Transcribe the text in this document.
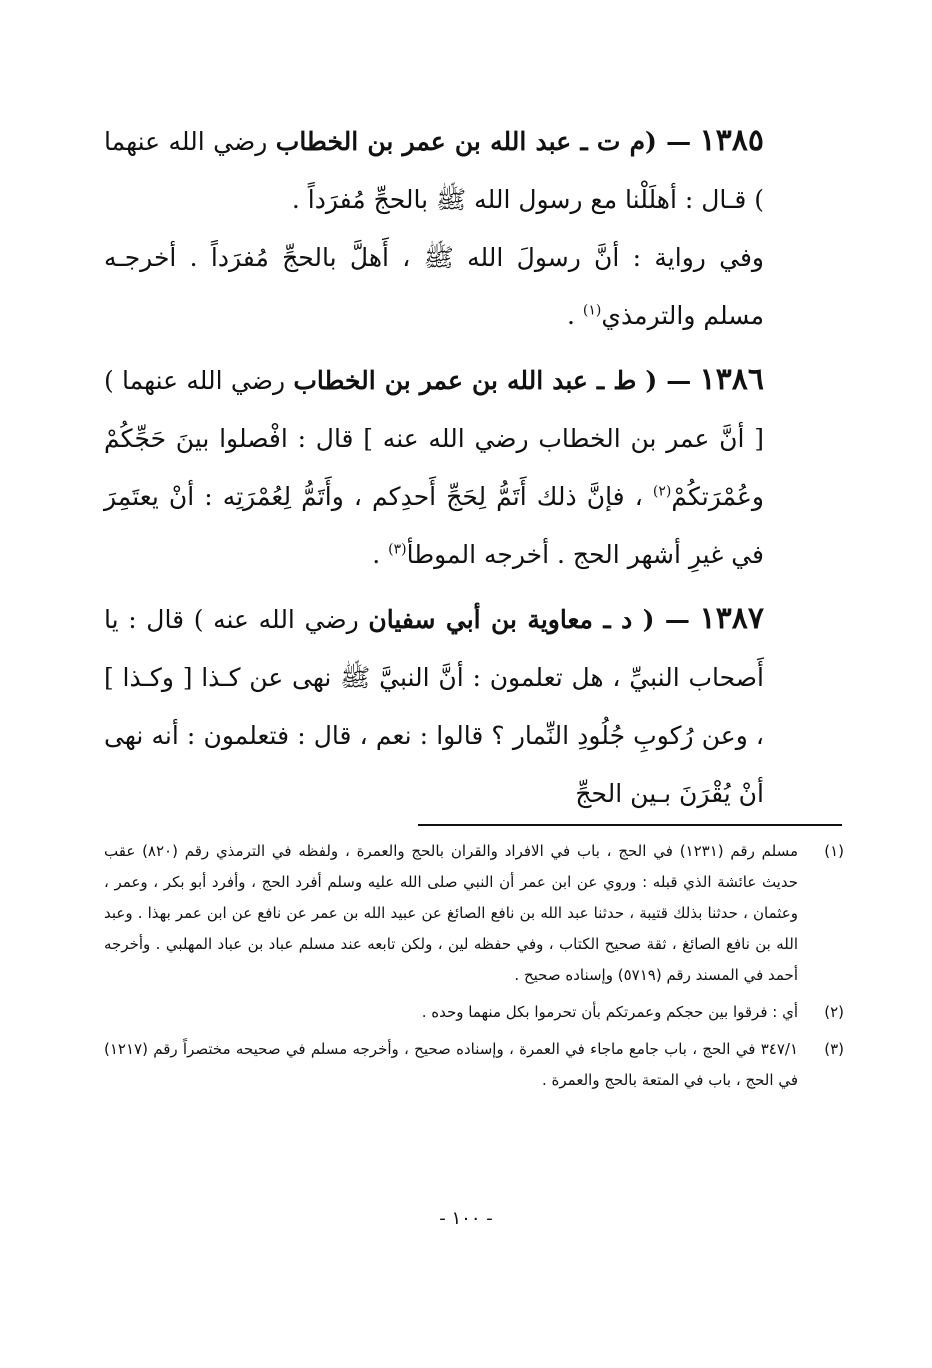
١٣٨٥ — (م ت ـ عبد الله بن عمر بن الخطاب رضي الله عنهما ) قـال : أهلَلْنا مع رسول الله ﷺ بالحجِّ مُفرَداً .

وفي رواية : أنَّ رسولَ الله ﷺ ، أَهلَّ بالحجِّ مُفرَداً . أخرجـه مسلم والترمذي$^{(١)}$ .

١٣٨٦ — ( ط ـ عبد الله بن عمر بن الخطاب رضي الله عنهما ) [ أنَّ عمر بن الخطاب رضي الله عنه ] قال : افْصلوا بينَ حَجِّكُمْ وعُمْرَتكُمْ$^{(٢)}$ ، فإنَّ ذلك أَتَمُّ لِحَجِّ أَحدِكم ، وأَتَمُّ لِعُمْرَتِه : أنْ يعتَمِرَ في غيرِ أشهر الحج . أخرجه الموطأ$^{(٣)}$ .

١٣٨٧ — ( د ـ معاوية بن أبي سفيان رضي الله عنه ) قال : يا أَصحاب النبيِّ ، هل تعلمون : أنَّ النبيَّ ﷺ نهى عن كـذا [ وكـذا ] ، وعن رُكوبِ جُلُودِ النِّمار ؟ قالوا : نعم ، قال : فتعلمون : أنه نهى أنْ يُقْرَنَ بـين الحجِّ

(١)
مسلم رقم (١٢٣١) في الحج ، باب في الافراد والقران بالحج والعمرة ، ولفظه في الترمذي رقم (٨٢٠) عقب حديث عائشة الذي قبله : وروي عن ابن عمر أن النبي صلى الله عليه وسلم أفرد الحج ، وأفرد أبو بكر ، وعمر ، وعثمان ، حدثنا بذلك قتيبة ، حدثنا عبد الله بن نافع الصائغ عن عبيد الله بن عمر عن نافع عن ابن عمر بهذا . وعبد الله بن نافع الصائغ ، ثقة صحيح الكتاب ، وفي حفظه لين ، ولكن تابعه عند مسلم عباد بن عباد المهلبي . وأخرجه أحمد في المسند رقم (٥٧١٩) وإسناده صحيح .

(٢)
أي : فرقوا بين حجكم وعمرتكم بأن تحرموا بكل منهما وحده .

(٣)
٣٤٧/١ في الحج ، باب جامع ماجاء في العمرة ، وإسناده صحيح ، وأخرجه مسلم في صحيحه مختصراً رقم (١٢١٧) في الحج ، باب في المتعة بالحج والعمرة .

- ١٠٠ -
